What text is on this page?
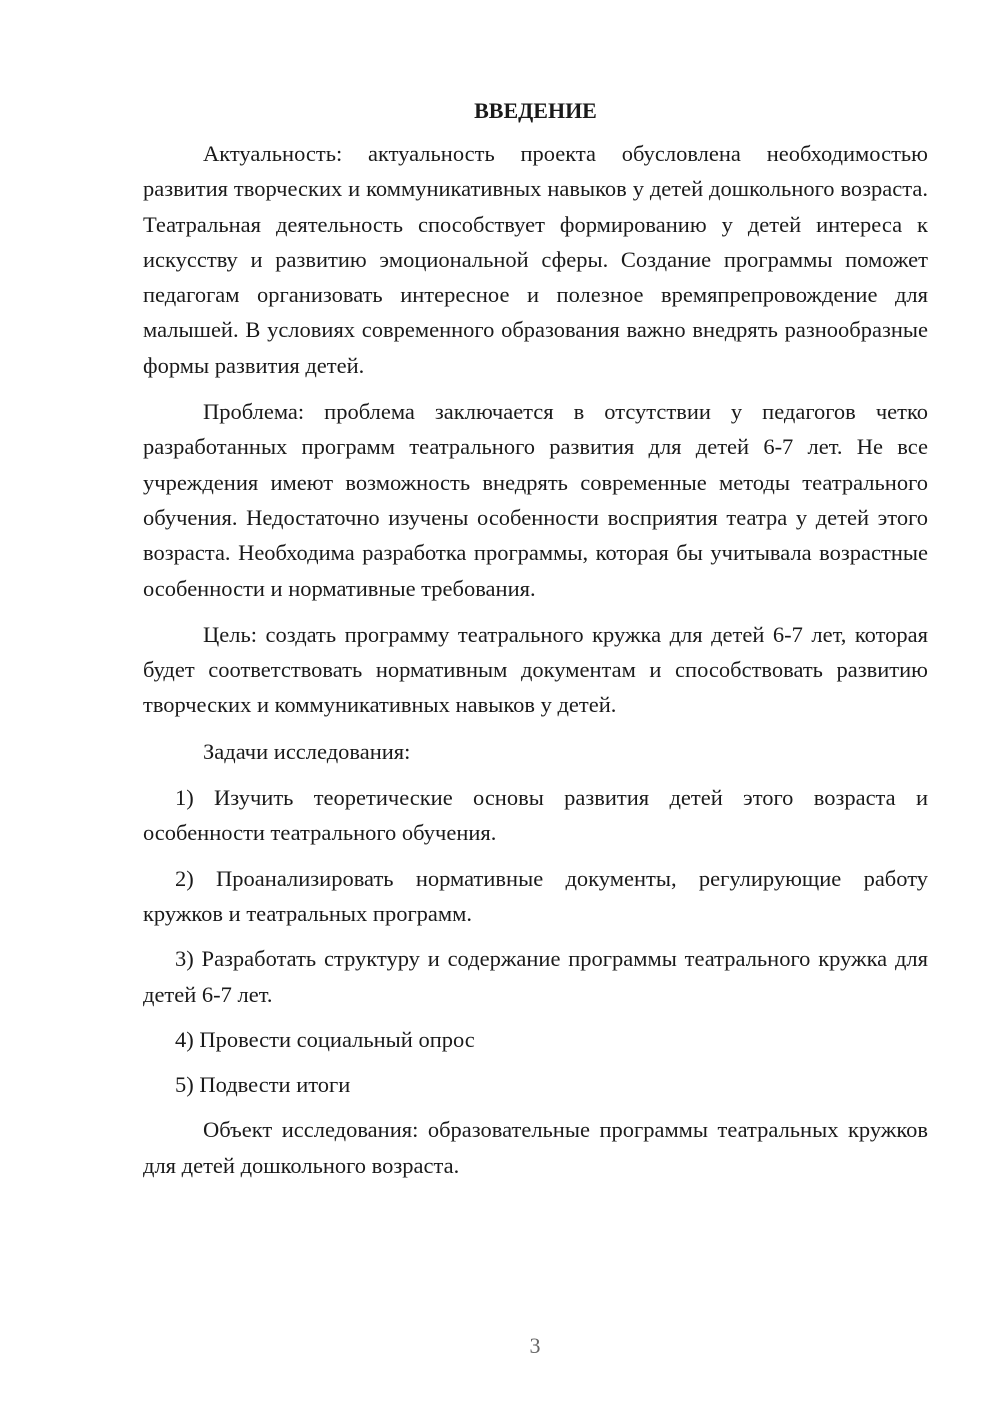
ВВЕДЕНИЕ

Актуальность: актуальность проекта обусловлена необходимостью развития творческих и коммуникативных навыков у детей дошкольного возраста. Театральная деятельность способствует формированию у детей интереса к искусству и развитию эмоциональной сферы. Создание программы поможет педагогам организовать интересное и полезное времяпрепровождение для малышей. В условиях современного образования важно внедрять разнообразные формы развития детей.

Проблема: проблема заключается в отсутствии у педагогов четко разработанных программ театрального развития для детей 6-7 лет. Не все учреждения имеют возможность внедрять современные методы театрального обучения. Недостаточно изучены особенности восприятия театра у детей этого возраста. Необходима разработка программы, которая бы учитывала возрастные особенности и нормативные требования.

Цель: создать программу театрального кружка для детей 6-7 лет, которая будет соответствовать нормативным документам и способствовать развитию творческих и коммуникативных навыков у детей.

Задачи исследования:

1) Изучить теоретические основы развития детей этого возраста и особенности театрального обучения.

2) Проанализировать нормативные документы, регулирующие работу кружков и театральных программ.

3) Разработать структуру и содержание программы театрального кружка для детей 6-7 лет.

4) Провести социальный опрос

5) Подвести итоги

Объект исследования: образовательные программы театральных кружков для детей дошкольного возраста.

3
